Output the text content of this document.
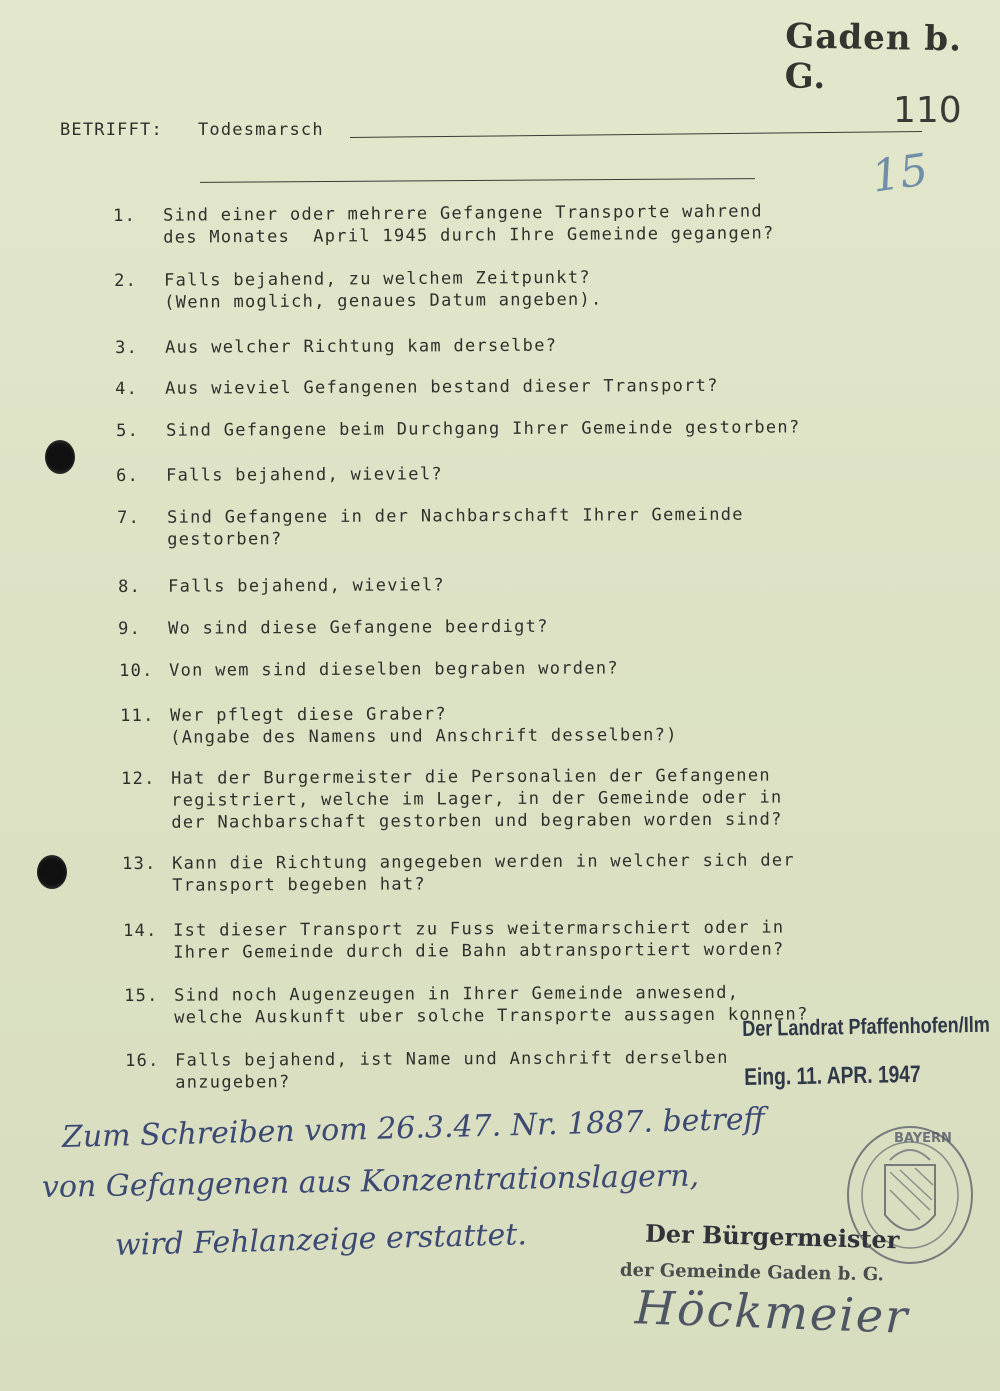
Gaden b. G.
110
15
BETRIFFT: Todesmarsch
1.	Sind einer oder mehrere Gefangene Transporte wahrend
des Monates  April 1945 durch Ihre Gemeinde gegangen?
2.	Falls bejahend, zu welchem Zeitpunkt?
(Wenn moglich, genaues Datum angeben).
3.	Aus welcher Richtung kam derselbe?
4.	Aus wieviel Gefangenen bestand dieser Transport?
5.	Sind Gefangene beim Durchgang Ihrer Gemeinde gestorben?
6.	Falls bejahend, wieviel?
7.	Sind Gefangene in der Nachbarschaft Ihrer Gemeinde
gestorben?
8.	Falls bejahend, wieviel?
9.	Wo sind diese Gefangene beerdigt?
10. Von wem sind dieselben begraben worden?
11. Wer pflegt diese Graber?
(Angabe des Namens und Anschrift desselben?)
12. Hat der Burgermeister die Personalien der Gefangenen
registriert, welche im Lager, in der Gemeinde oder in
der Nachbarschaft gestorben und begraben worden sind?
13. Kann die Richtung angegeben werden in welcher sich der
Transport begeben hat?
14. Ist dieser Transport zu Fuss weitermarschiert oder in
Ihrer Gemeinde durch die Bahn abtransportiert worden?
15. Sind noch Augenzeugen in Ihrer Gemeinde anwesend,
welche Auskunft uber solche Transporte aussagen konnen?
16. Falls bejahend, ist Name und Anschrift derselben
anzugeben?
Der Landrat Pfaffenhofen/Ilm
Eing. 11. APR. 1947
Zum Schreiben vom 26.3.47. Nr. 1887. betreff
von Gefangenen aus Konzentrationslagern,
wird Fehlanzeige erstattet.
BAYERN
Der Bürgermeister
der Gemeinde Gaden b. G.
Höckmeier
